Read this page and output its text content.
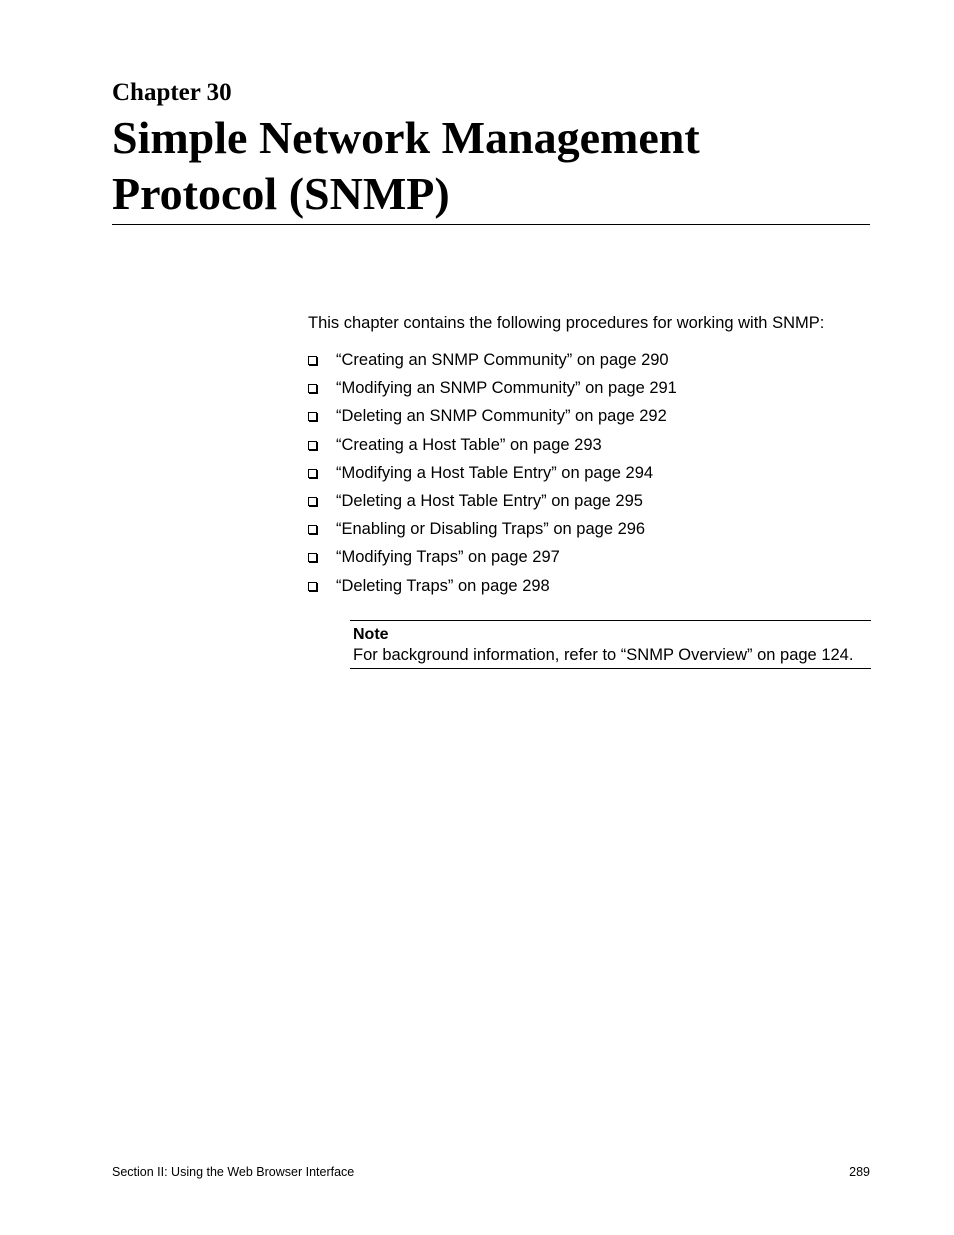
Chapter 30
Simple Network Management Protocol (SNMP)

This chapter contains the following procedures for working with SNMP:

“Creating an SNMP Community” on page 290
“Modifying an SNMP Community” on page 291
“Deleting an SNMP Community” on page 292
“Creating a Host Table” on page 293
“Modifying a Host Table Entry” on page 294
“Deleting a Host Table Entry” on page 295
“Enabling or Disabling Traps” on page 296
“Modifying Traps” on page 297
“Deleting Traps” on page 298

Note

For background information, refer to “SNMP Overview” on page 124.

Section II: Using the Web Browser Interface	289
